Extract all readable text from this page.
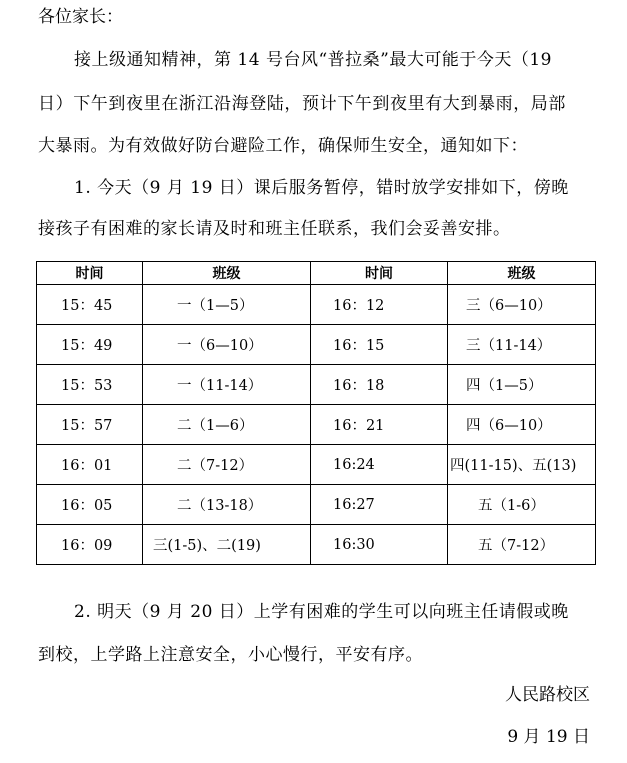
各位家长：
接上级通知精神，第 14 号台风“普拉桑”最大可能于今天（19
日）下午到夜里在浙江沿海登陆，预计下午到夜里有大到暴雨，局部
大暴雨。为有效做好防台避险工作，确保师生安全，通知如下：
1. 今天（9 月 19 日）课后服务暂停，错时放学安排如下，傍晚
接孩子有困难的家长请及时和班主任联系，我们会妥善安排。
时间	班级	时间	班级
15：45	一（1—5）	16：12	三（6—10）
15：49	一（6—10）	16：15	三（11-14）
15：53	一（11-14）	16：18	四（1—5）
15：57	二（1—6）	16：21	四（6—10）
16：01	二（7-12）	16:24	四(11-15)、五(13)
16：05	二（13-18）	16:27	五（1-6）
16：09	三(1-5)、二(19)	16:30	五（7-12）
2. 明天（9 月 20 日）上学有困难的学生可以向班主任请假或晚
到校，上学路上注意安全，小心慢行，平安有序。
人民路校区
9 月 19 日
